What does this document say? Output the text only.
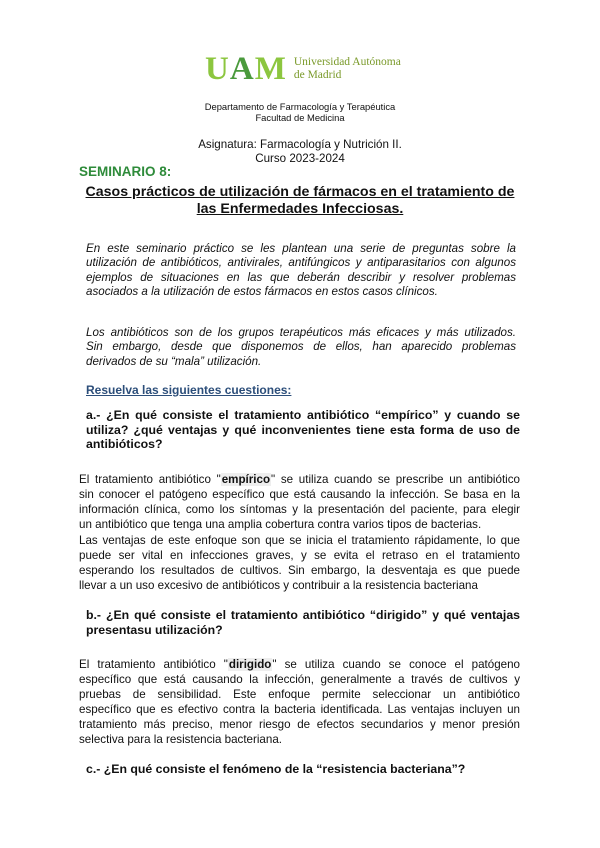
U A M Universidad Autónoma
de Madrid
Departamento de Farmacología y Terapéutica
Facultad de Medicina
Asignatura: Farmacología y Nutrición II.
Curso 2023-2024
SEMINARIO 8:
Casos prácticos de utilización de fármacos en el tratamiento de
las Enfermedades Infecciosas.
En este seminario práctico se les plantean una serie de preguntas sobre la
utilización de antibióticos, antivirales, antifúngicos y antiparasitarios con algunos
ejemplos de situaciones en las que deberán describir y resolver problemas
asociados a la utilización de estos fármacos en estos casos clínicos.
Los antibióticos son de los grupos terapéuticos más eficaces y más utilizados.
Sin embargo, desde que disponemos de ellos, han aparecido problemas
derivados de su “mala” utilización.
Resuelva las siguientes cuestiones:
a.- ¿En qué consiste el tratamiento antibiótico “empírico” y cuando se
utiliza? ¿qué ventajas y qué inconvenientes tiene esta forma de uso de
antibióticos?
El tratamiento antibiótico "empírico" se utiliza cuando se prescribe un antibiótico
sin conocer el patógeno específico que está causando la infección. Se basa en la
información clínica, como los síntomas y la presentación del paciente, para elegir
un antibiótico que tenga una amplia cobertura contra varios tipos de bacterias.
Las ventajas de este enfoque son que se inicia el tratamiento rápidamente, lo que
puede ser vital en infecciones graves, y se evita el retraso en el tratamiento
esperando los resultados de cultivos. Sin embargo, la desventaja es que puede
llevar a un uso excesivo de antibióticos y contribuir a la resistencia bacteriana
b.- ¿En qué consiste el tratamiento antibiótico “dirigido” y qué ventajas
presentasu utilización?
El tratamiento antibiótico "dirigido" se utiliza cuando se conoce el patógeno
específico que está causando la infección, generalmente a través de cultivos y
pruebas de sensibilidad. Este enfoque permite seleccionar un antibiótico
específico que es efectivo contra la bacteria identificada. Las ventajas incluyen un
tratamiento más preciso, menor riesgo de efectos secundarios y menor presión
selectiva para la resistencia bacteriana.
c.- ¿En qué consiste el fenómeno de la “resistencia bacteriana”?
